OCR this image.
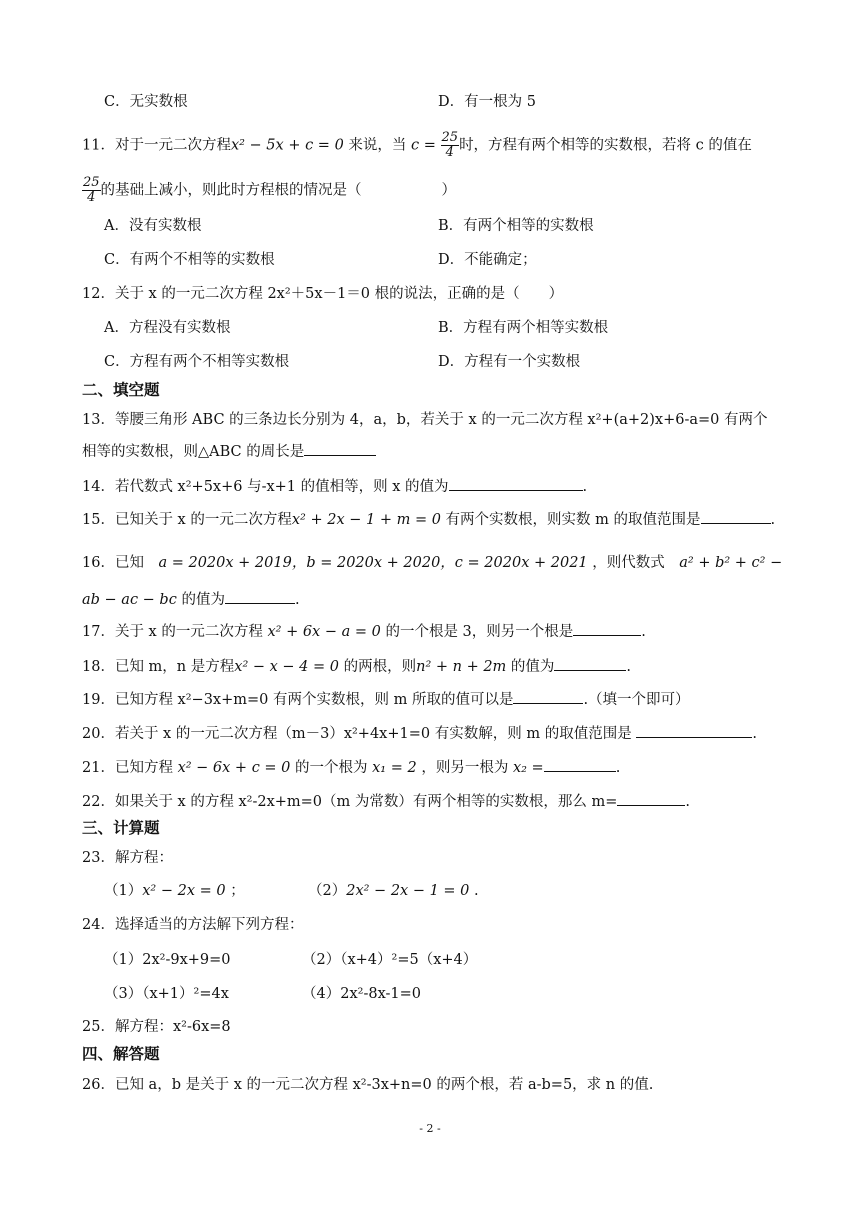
C．无实数根	D．有一根为 5
11．对于一元二次方程x² − 5x + c = 0 来说，当 $c = \frac{25}{4}$ 时，方程有两个相等的实数根，若将 c 的值在
$\frac{25}{4}$ 的基础上减小，则此时方程根的情况是（	）
A．没有实数根	B．有两个相等的实数根
C．有两个不相等的实数根	D．不能确定；
12．关于 x 的一元二次方程 2x²＋5x－1＝0 根的说法，正确的是（　　）
A．方程没有实数根	B．方程有两个相等实数根
C．方程有两个不相等实数根	D．方程有一个实数根
二、填空题
13．等腰三角形 ABC 的三条边长分别为 4，a，b，若关于 x 的一元二次方程 x²+(a+2)x+6-a=0 有两个
相等的实数根，则△ABC 的周长是
14．若代数式 x²+5x+6 与-x+1 的值相等，则 x 的值为	.
15．已知关于 x 的一元二次方程x² + 2x − 1 + m = 0 有两个实数根，则实数 m 的取值范围是	.
16．已知　a = 2020x + 2019，b = 2020x + 2020，c = 2020x + 2021 ，则代数式　a² + b² + c² −
ab − ac − bc 的值为	.
17．关于 x 的一元二次方程 x² + 6x − a = 0 的一个根是 3，则另一个根是	.
18．已知 m，n 是方程x² − x − 4 = 0 的两根，则n² + n + 2m 的值为	.
19．已知方程 x²−3x+m=0 有两个实数根，则 m 所取的值可以是	.（填一个即可）
20．若关于 x 的一元二次方程（m－3）x²+4x+1=0 有实数解，则 m 的取值范围是	.
21．已知方程 x² − 6x + c = 0 的一个根为 x₁ = 2 ，则另一根为 x₂ =	.
22．如果关于 x 的方程 x²-2x+m=0（m 为常数）有两个相等的实数根，那么 m=	.
三、计算题
23．解方程：
（1）x² − 2x = 0 ；	（2）2x² − 2x − 1 = 0 .
24．选择适当的方法解下列方程：
（1）2x²-9x+9=0	（2）（x+4）²=5（x+4）
（3）（x+1）²=4x	（4）2x²-8x-1=0
25．解方程：x²-6x=8
四、解答题
26．已知 a，b 是关于 x 的一元二次方程 x²-3x+n=0 的两个根，若 a-b=5，求 n 的值.
- 2 -
